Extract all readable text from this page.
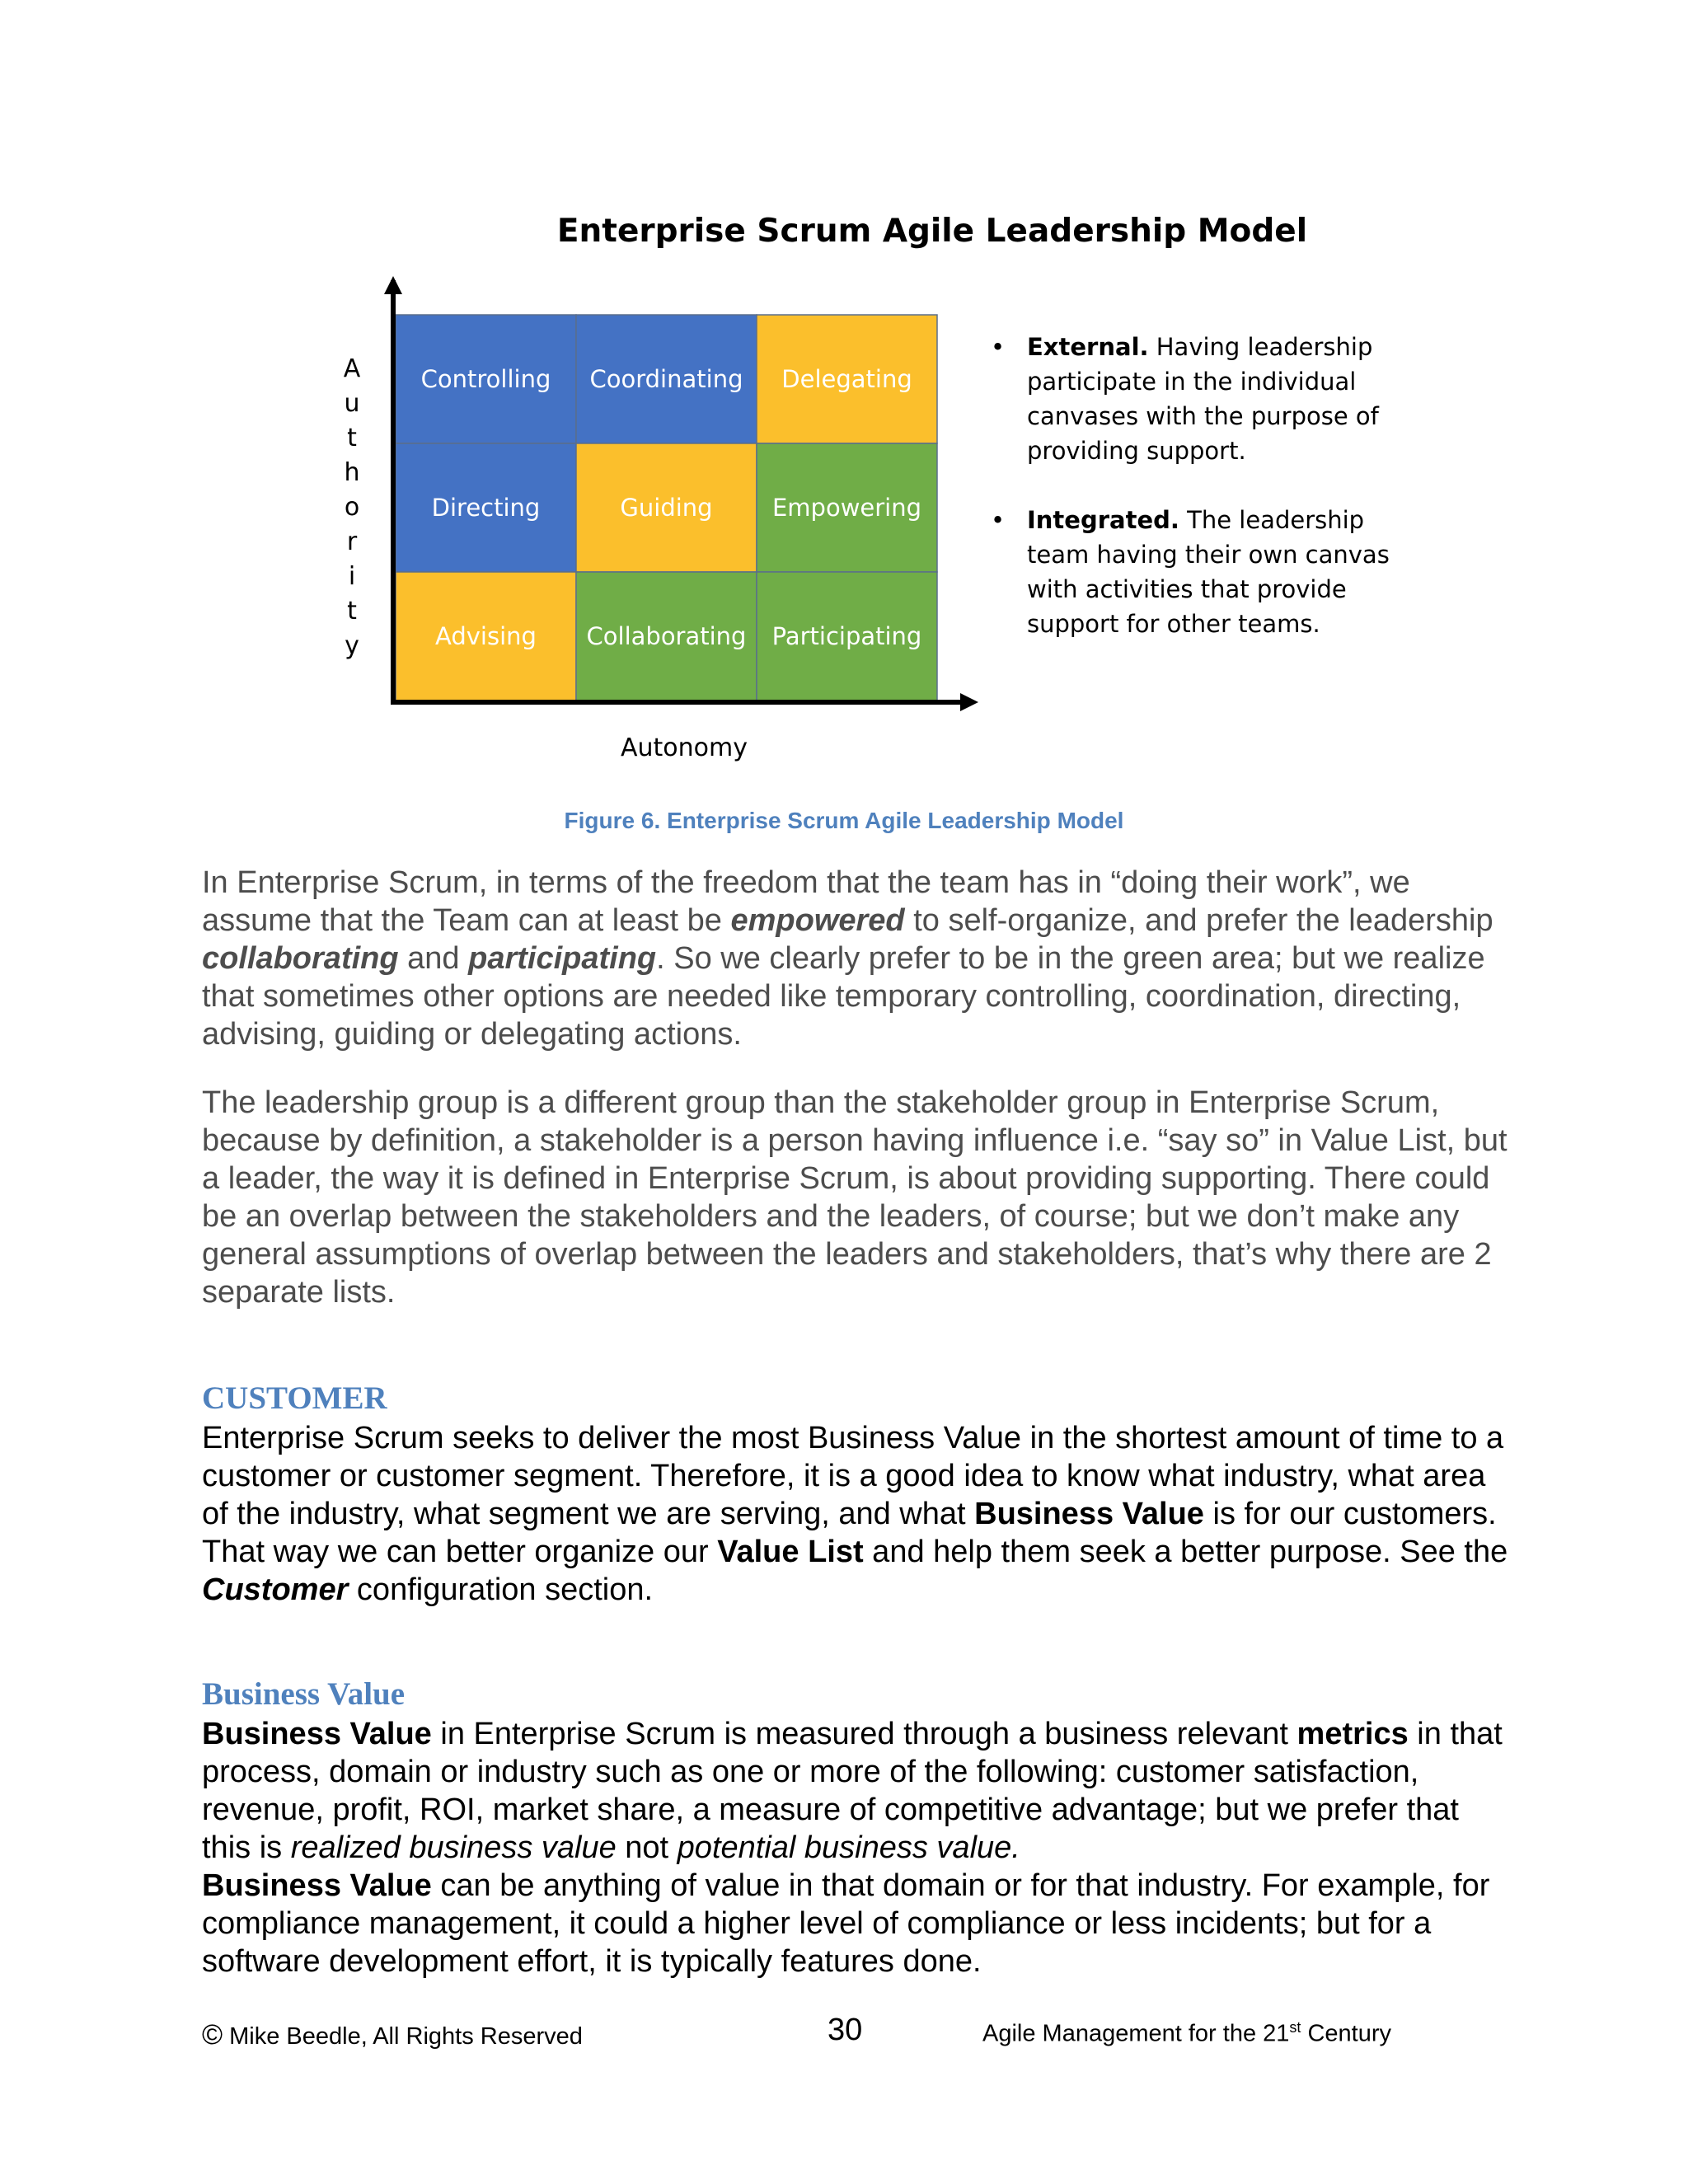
Enterprise Scrum Agile Leadership Model
Controlling Coordinating Delegating
Directing	Guiding Empowering
Advising Collaborating Participating
A
u
t
h
o
r
i
t
y
Autonomy
• External. Having leadership participate in the individual canvases with the purpose of providing support.
• Integrated. The leadership team having their own canvas with activities that provide support for other teams.
Figure 6. Enterprise Scrum Agile Leadership Model
In Enterprise Scrum, in terms of the freedom that the team has in “doing their work”, we assume that the Team can at least be empowered to self-organize, and prefer the leadership collaborating and participating. So we clearly prefer to be in the green area; but we realize that sometimes other options are needed like temporary controlling, coordination, directing, advising, guiding or delegating actions.
The leadership group is a different group than the stakeholder group in Enterprise Scrum, because by definition, a stakeholder is a person having influence i.e. “say so” in Value List, but a leader, the way it is defined in Enterprise Scrum, is about providing supporting. There could be an overlap between the stakeholders and the leaders, of course; but we don’t make any general assumptions of overlap between the leaders and stakeholders, that’s why there are 2 separate lists.
CUSTOMER
Enterprise Scrum seeks to deliver the most Business Value in the shortest amount of time to a customer or customer segment. Therefore, it is a good idea to know what industry, what area of the industry, what segment we are serving, and what Business Value is for our customers. That way we can better organize our Value List and help them seek a better purpose. See the Customer configuration section.
Business Value
Business Value in Enterprise Scrum is measured through a business relevant metrics in that process, domain or industry such as one or more of the following: customer satisfaction, revenue, profit, ROI, market share, a measure of competitive advantage; but we prefer that this is realized business value not potential business value.
Business Value can be anything of value in that domain or for that industry. For example, for compliance management, it could a higher level of compliance or less incidents; but for a software development effort, it is typically features done.
© Mike Beedle, All Rights Reserved	30	Agile Management for the 21st Century
